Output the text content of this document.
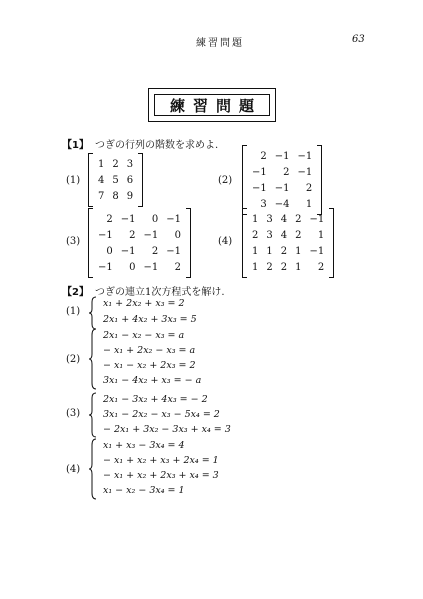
練習問題	63
練習問題
【1】 つぎの行列の階数を求めよ.
(1)
1	2	3
4	5	6
7	8	9
(2)
2	−1	−1
−1	2	−1
−1	−1	2
3	−4	1
(3)
2	−1	0	−1
−1	2	−1	0
0	−1	2	−1
−1	0	−1	2
(4)
1	3	4	2	−1
2	3	4	2	1
1	1	2	1	−1
1	2	2	1	2
【2】 つぎの連立1次方程式を解け.
(1)
x₁ + 2x₂ + x₃ = 2
2x₁ + 4x₂ + 3x₃ = 5
(2)
2x₁ − x₂ − x₃ = a
− x₁ + 2x₂ − x₃ = a
− x₁ − x₂ + 2x₃ = 2
3x₁ − 4x₂ + x₃ = − a
(3)
2x₁ − 3x₂ + 4x₃ = − 2
3x₁ − 2x₂ − x₃ − 5x₄ = 2
− 2x₁ + 3x₂ − 3x₃ + x₄ = 3
(4)
x₁ + x₃ − 3x₄ = 4
− x₁ + x₂ + x₃ + 2x₄ = 1
− x₁ + x₂ + 2x₃ + x₄ = 3
x₁ − x₂ − 3x₄ = 1
